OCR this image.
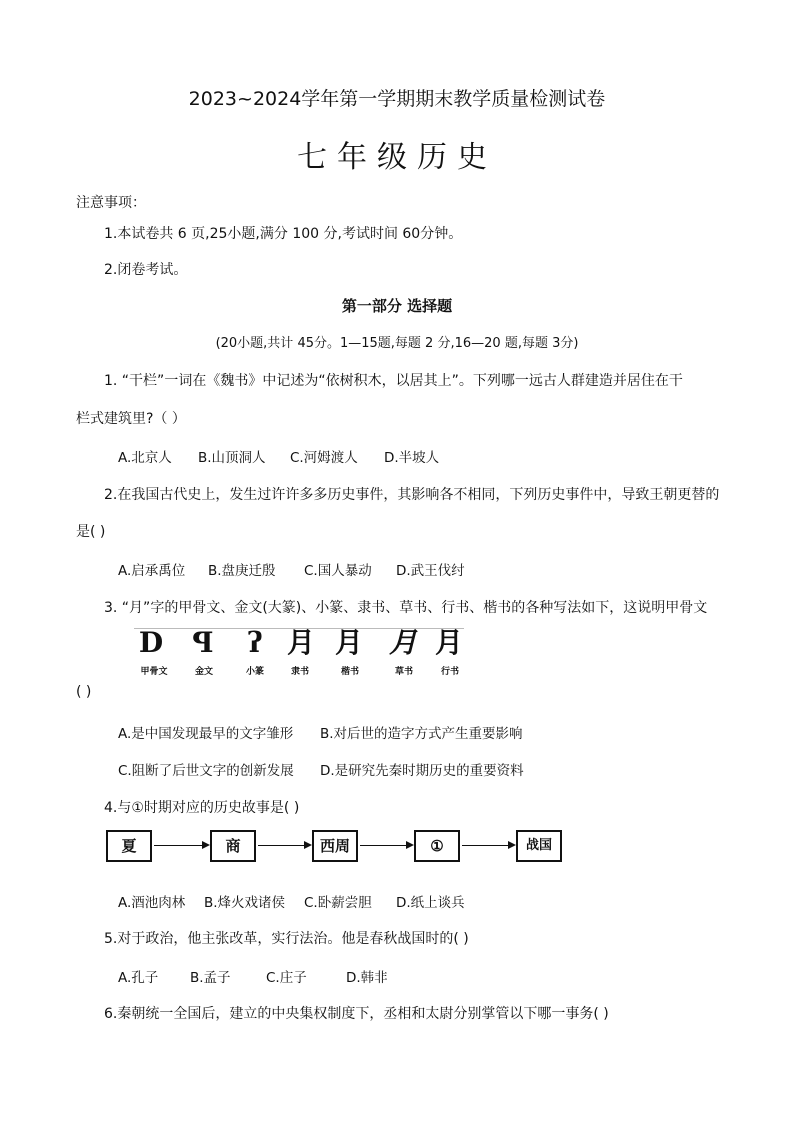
2023~2024学年第一学期期末教学质量检测试卷
七年级历史
注意事项：
1.本试卷共 6 页,25小题,满分 100 分,考试时间 60分钟。
2.闭卷考试。
第一部分 选择题
(20小题,共计 45分。1—15题,每题 2 分,16—20 题,每题 3分)
1. “干栏”一词在《魏书》中记述为“依树积木，以居其上”。下列哪一远古人群建造并居住在干
栏式建筑里?（ ）
A.北京人 B.山顶洞人 C.河姆渡人 D.半坡人
2.在我国古代史上，发生过许许多多历史事件，其影响各不相同，下列历史事件中，导致王朝更替的
是( )
A.启承禹位 B.盘庚迁殷 C.国人暴动 D.武王伐纣
3. “月”字的甲骨文、金文(大篆)、小篆、隶书、草书、行书、楷书的各种写法如下，这说明甲骨文
D ꟼ ʔ 月 月 月 月
甲骨文	金文	小篆	隶书	楷书	草书	行书
( )
A.是中国发现最早的文字雏形 B.对后世的造字方式产生重要影响
C.阻断了后世文字的创新发展 D.是研究先秦时期历史的重要资料
4.与①时期对应的历史故事是( )
夏	商	西周	①	战国
A.酒池肉林 B.烽火戏诸侯 C.卧薪尝胆 D.纸上谈兵
5.对于政治，他主张改革，实行法治。他是春秋战国时的( )
A.孔子 B.孟子	C.庄子	D.韩非
6.秦朝统一全国后，建立的中央集权制度下，丞相和太尉分别掌管以下哪一事务( )
